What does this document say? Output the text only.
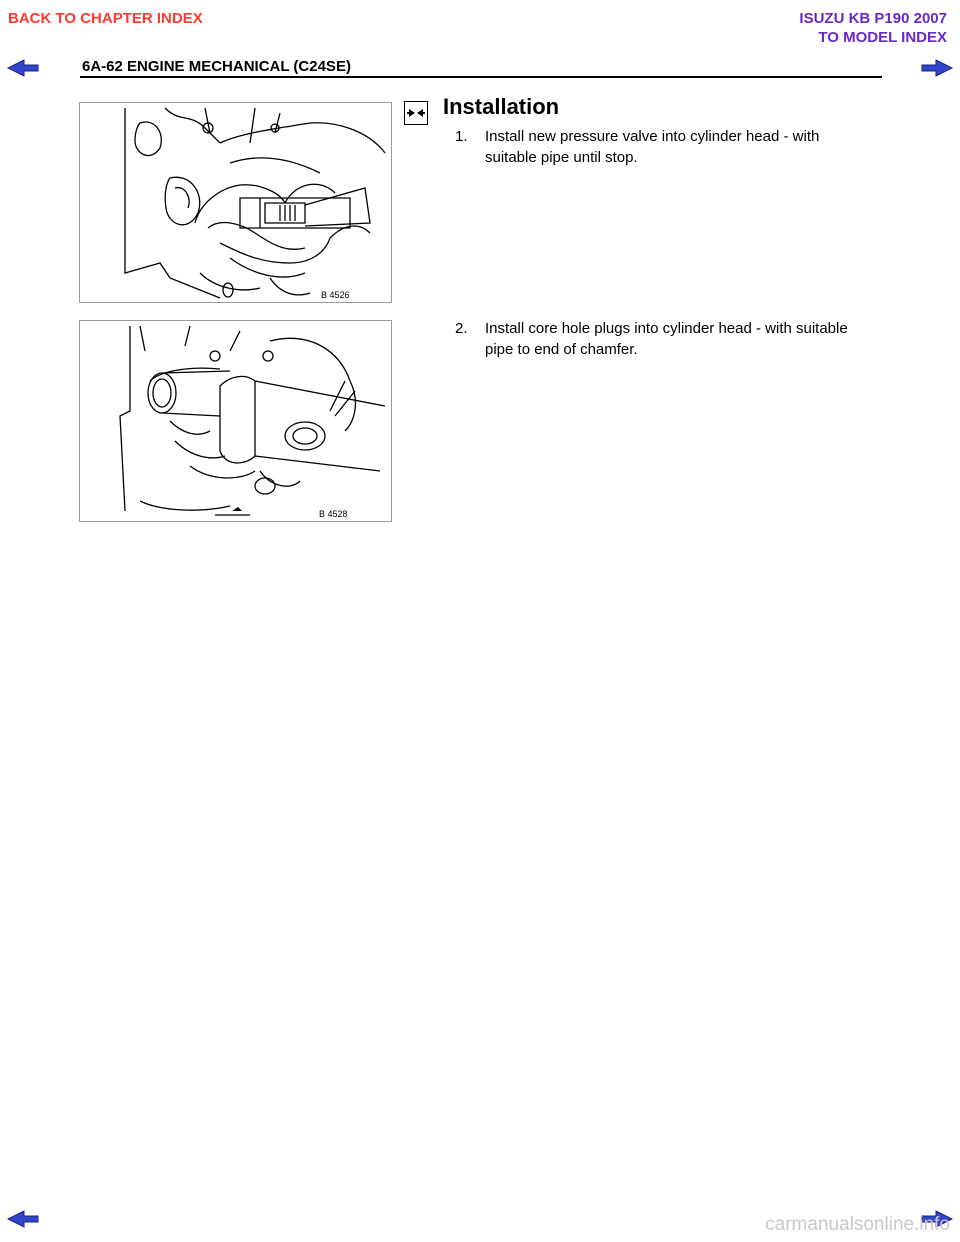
BACK TO CHAPTER INDEX	ISUZU KB P190 2007
TO MODEL INDEX
6A-62 ENGINE MECHANICAL (C24SE)
B 4526
B 4528
Installation
1. Install new pressure valve into cylinder head - with
suitable pipe until stop.
2. Install core hole plugs into cylinder head - with suitable
pipe to end of chamfer.
carmanualsonline.info
